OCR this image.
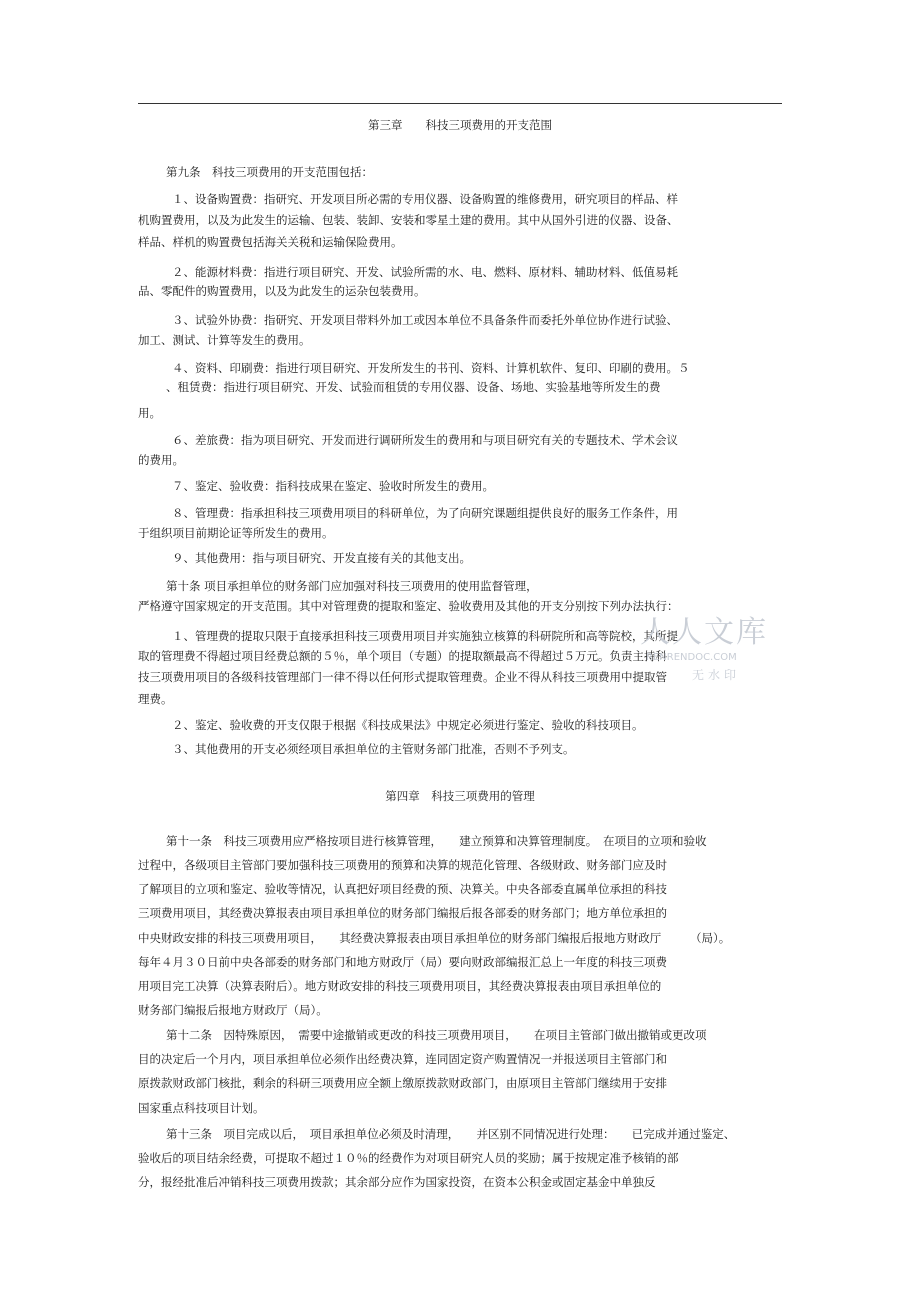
第三章　　科技三项费用的开支范围
第九条　科技三项费用的开支范围包括：
１、设备购置费：指研究、开发项目所必需的专用仪器、设备购置的维修费用，研究项目的样品、样
机购置费用，以及为此发生的运输、包装、装卸、安装和零星土建的费用。其中从国外引进的仪器、设备、
样品、样机的购置费包括海关关税和运输保险费用。
２、能源材料费：指进行项目研究、开发、试验所需的水、电、燃料、原材料、辅助材料、低值易耗
品、零配件的购置费用，以及为此发生的运杂包装费用。
３、试验外协费：指研究、开发项目带料外加工或因本单位不具备条件而委托外单位协作进行试验、
加工、测试、计算等发生的费用。
４、资料、印刷费：指进行项目研究、开发所发生的书刊、资料、计算机软件、复印、印刷的费用。５
、租赁费：指进行项目研究、开发、试验而租赁的专用仪器、设备、场地、实验基地等所发生的费
用。
６、差旅费：指为项目研究、开发而进行调研所发生的费用和与项目研究有关的专题技术、学术会议
的费用。
７、鉴定、验收费：指科技成果在鉴定、验收时所发生的费用。
８、管理费：指承担科技三项费用项目的科研单位，为了向研究课题组提供良好的服务工作条件，用
于组织项目前期论证等所发生的费用。
９、其他费用：指与项目研究、开发直接有关的其他支出。
第十条 项目承担单位的财务部门应加强对科技三项费用的使用监督管理，
严格遵守国家规定的开支范围。其中对管理费的提取和鉴定、验收费用及其他的开支分别按下列办法执行：
１、管理费的提取只限于直接承担科技三项费用项目并实施独立核算的科研院所和高等院校，其所提
取的管理费不得超过项目经费总额的５％，单个项目（专题）的提取额最高不得超过５万元。负责主持科
技三项费用项目的各级科技管理部门一律不得以任何形式提取管理费。企业不得从科技三项费用中提取管
理费。
２、鉴定、验收费的开支仅限于根据《科技成果法》中规定必须进行鉴定、验收的科技项目。
３、其他费用的开支必须经项目承担单位的主管财务部门批准，否则不予列支。
第四章　科技三项费用的管理
第十一条　科技三项费用应严格按项目进行核算管理，　　建立预算和决算管理制度。　在项目的立项和验收
过程中，各级项目主管部门要加强科技三项费用的预算和决算的规范化管理、各级财政、财务部门应及时
了解项目的立项和鉴定、验收等情况，认真把好项目经费的预、决算关。中央各部委直属单位承担的科技
三项费用项目，其经费决算报表由项目承担单位的财务部门编报后报各部委的财务部门；地方单位承担的
中央财政安排的科技三项费用项目，　　其经费决算报表由项目承担单位的财务部门编报后报地方财政厅　　　（局）。
每年４月３０日前中央各部委的财务部门和地方财政厅（局）要向财政部编报汇总上一年度的科技三项费
用项目完工决算（决算表附后）。地方财政安排的科技三项费用项目，其经费决算报表由项目承担单位的
财务部门编报后报地方财政厅（局）。
第十二条　因特殊原因，　需要中途撤销或更改的科技三项费用项目，　　在项目主管部门做出撤销或更改项
目的决定后一个月内，项目承担单位必须作出经费决算，连同固定资产购置情况一并报送项目主管部门和
原拨款财政部门核批，剩余的科研三项费用应全额上缴原拨款财政部门，由原项目主管部门继续用于安排
国家重点科技项目计划。
第十三条　项目完成以后，　项目承担单位必须及时清理，　　并区别不同情况进行处理：　　已完成并通过鉴定、
验收后的项目结余经费，可提取不超过１０％的经费作为对项目研究人员的奖励；属于按规定准予核销的部
分，报经批准后冲销科技三项费用拨款；其余部分应作为国家投资，在资本公积金或固定基金中单独反
人人文库
RENRENDOC.COM
无水印
